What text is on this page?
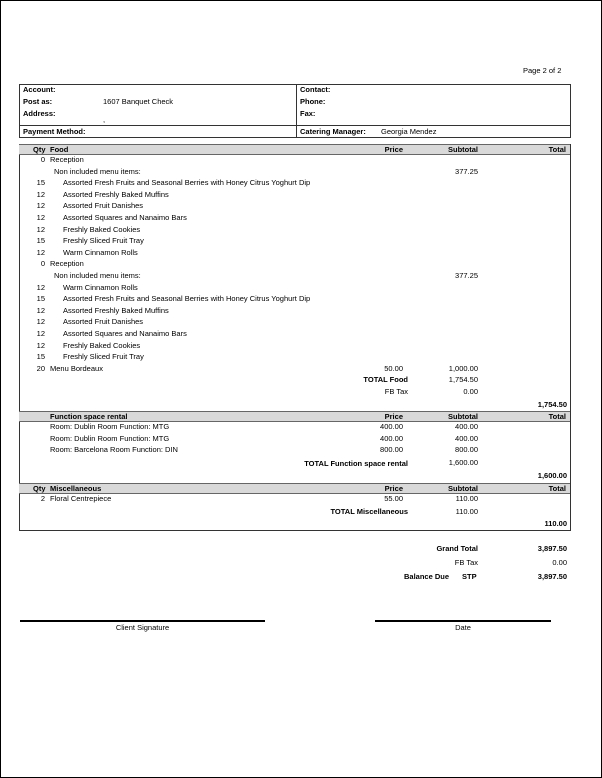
Page 2 of 2
Account:
Post as:	1607 Banquet Check
Address:
,
Payment Method:
Contact:
Phone:
Fax:
Catering Manager: Georgia Mendez
Qty Food	Price	Subtotal	Total
0 Reception
Non included menu items:	377.25
15 Assorted Fresh Fruits and Seasonal Berries with Honey Citrus Yoghurt Dip
12 Assorted Freshly Baked Muffins
12 Assorted Fruit Danishes
12 Assorted Squares and Nanaimo Bars
12 Freshly Baked Cookies
15 Freshly Sliced Fruit Tray
12 Warm Cinnamon Rolls
0 Reception
Non included menu items:	377.25
12 Warm Cinnamon Rolls
15 Assorted Fresh Fruits and Seasonal Berries with Honey Citrus Yoghurt Dip
12 Assorted Freshly Baked Muffins
12 Assorted Fruit Danishes
12 Assorted Squares and Nanaimo Bars
12 Freshly Baked Cookies
15 Freshly Sliced Fruit Tray
20 Menu Bordeaux	50.00	1,000.00
TOTAL Food	1,754.50
FB Tax	0.00
1,754.50
Function space rental	Price	Subtotal	Total
Room: Dublin Room Function: MTG	400.00	400.00
Room: Dublin Room Function: MTG	400.00	400.00
Room: Barcelona Room Function: DIN	800.00	800.00
TOTAL Function space rental	1,600.00
1,600.00
Qty Miscellaneous	Price	Subtotal	Total
2 Floral Centrepiece	55.00	110.00
TOTAL Miscellaneous	110.00
110.00
Grand Total	3,897.50
FB Tax	0.00
Balance Due STP	3,897.50
Client Signature	Date
